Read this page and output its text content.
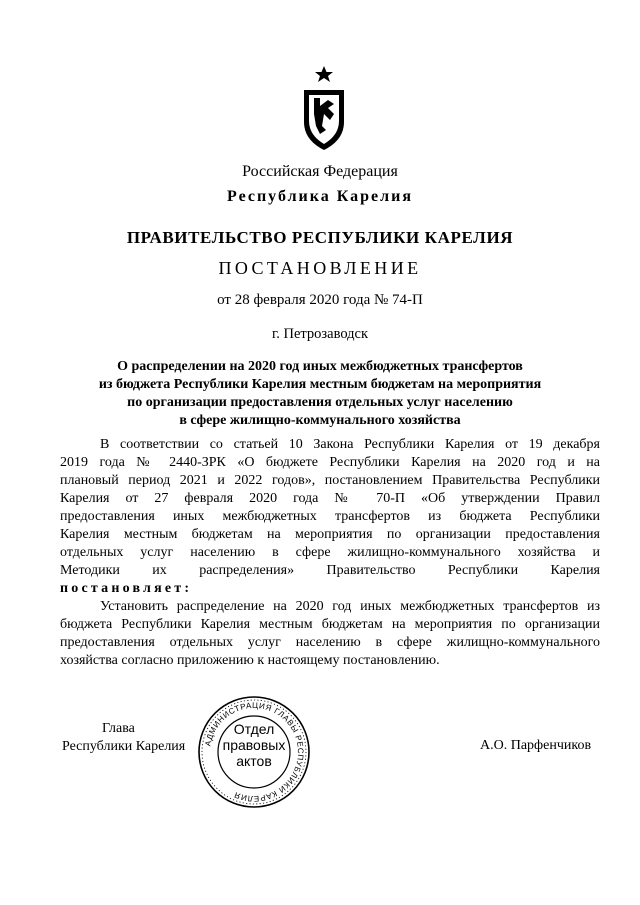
Российская Федерация
Республика Карелия
ПРАВИТЕЛЬСТВО РЕСПУБЛИКИ КАРЕЛИЯ
ПОСТАНОВЛЕНИЕ
от 28 февраля 2020 года № 74-П
г. Петрозаводск
О распределении на 2020 год иных межбюджетных трансфертов
из бюджета Республики Карелия местным бюджетам на мероприятия
по организации предоставления отдельных услуг населению
в сфере жилищно-коммунального хозяйства
В соответствии со статьей 10 Закона Республики Карелия от 19 декабря
2019 года № 2440-ЗРК «О бюджете Республики Карелия на 2020 год и на
плановый период 2021 и 2022 годов», постановлением Правительства Республики
Карелия от 27 февраля 2020 года № 70-П «Об утверждении Правил
предоставления иных межбюджетных трансфертов из бюджета Республики
Карелия местным бюджетам на мероприятия по организации предоставления
отдельных услуг населению в сфере жилищно-коммунального хозяйства и
Методики их распределения» Правительство Республики Карелия
постановляет:
Установить распределение на 2020 год иных межбюджетных трансфертов из
бюджета Республики Карелия местным бюджетам на мероприятия по организации
предоставления отдельных услуг населению в сфере жилищно-коммунального
хозяйства согласно приложению к настоящему постановлению.
Глава
Республики Карелия	А.О. Парфенчиков
АДМИНИСТРАЦИЯ ГЛАВЫ РЕСПУБЛИКИ КАРЕЛИЯ
Отдел
правовых
актов
